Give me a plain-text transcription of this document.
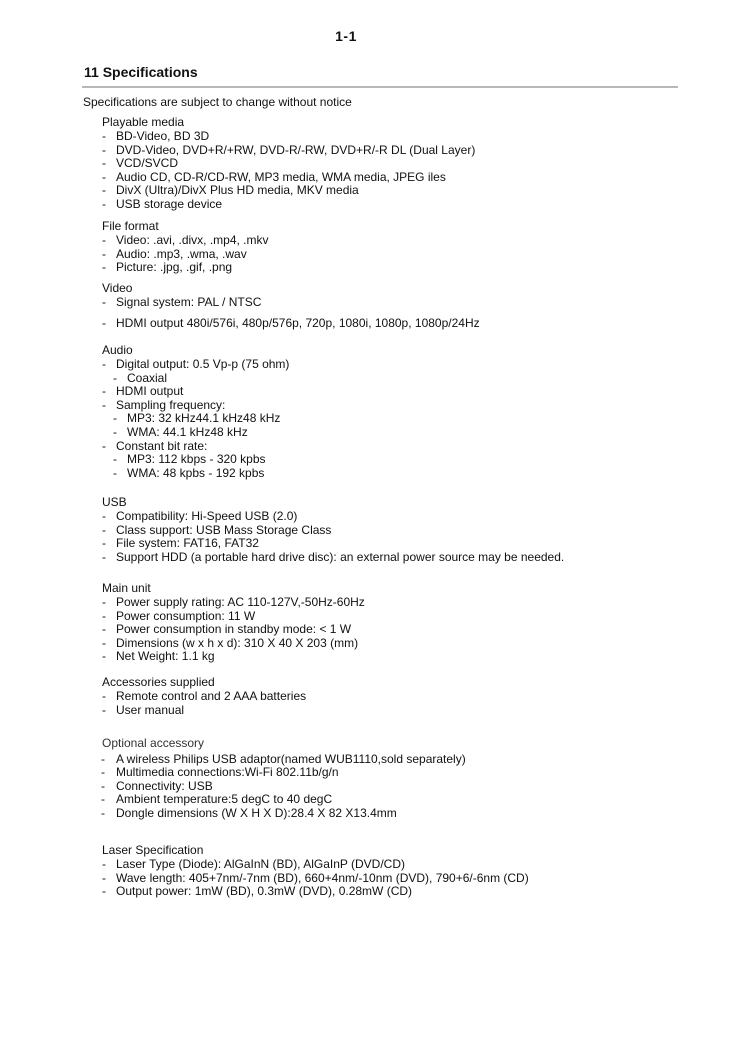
1-1
11 Specifications
Specifications are subject to change without notice
Playable media
- BD-Video, BD 3D
- DVD-Video, DVD+R/+RW, DVD-R/-RW, DVD+R/-R DL (Dual Layer)
- VCD/SVCD
- Audio CD, CD-R/CD-RW, MP3 media, WMA media, JPEG iles
- DivX (Ultra)/DivX Plus HD media, MKV media
- USB storage device
File format
- Video: .avi, .divx, .mp4, .mkv
- Audio: .mp3, .wma, .wav
- Picture: .jpg, .gif, .png
Video
- Signal system: PAL / NTSC
- HDMI output 480i/576i, 480p/576p, 720p, 1080i, 1080p, 1080p/24Hz
Audio
- Digital output: 0.5 Vp-p (75 ohm)
- Coaxial
- HDMI output
- Sampling frequency:
- MP3: 32 kHz44.1 kHz48 kHz
- WMA: 44.1 kHz48 kHz
- Constant bit rate:
- MP3: 112 kbps - 320 kpbs
- WMA: 48 kpbs - 192 kpbs
USB
- Compatibility: Hi-Speed USB (2.0)
- Class support: USB Mass Storage Class
- File system: FAT16, FAT32
- Support HDD (a portable hard drive disc): an external power source may be needed.
Main unit
- Power supply rating: AC 110-127V,-50Hz-60Hz
- Power consumption: 11 W
- Power consumption in standby mode: < 1 W
- Dimensions (w x h x d): 310 X 40 X 203 (mm)
- Net Weight: 1.1 kg
Accessories supplied
- Remote control and 2 AAA batteries
- User manual
Optional accessory
- A wireless Philips USB adaptor(named WUB1110,sold separately)
- Multimedia connections:Wi-Fi 802.11b/g/n
- Connectivity: USB
- Ambient temperature:5 degC to 40 degC
- Dongle dimensions (W X H X D):28.4 X 82 X13.4mm
Laser Specification
- Laser Type (Diode): AlGaInN (BD), AlGaInP (DVD/CD)
- Wave length: 405+7nm/-7nm (BD), 660+4nm/-10nm (DVD), 790+6/-6nm (CD)
- Output power: 1mW (BD), 0.3mW (DVD), 0.28mW (CD)
